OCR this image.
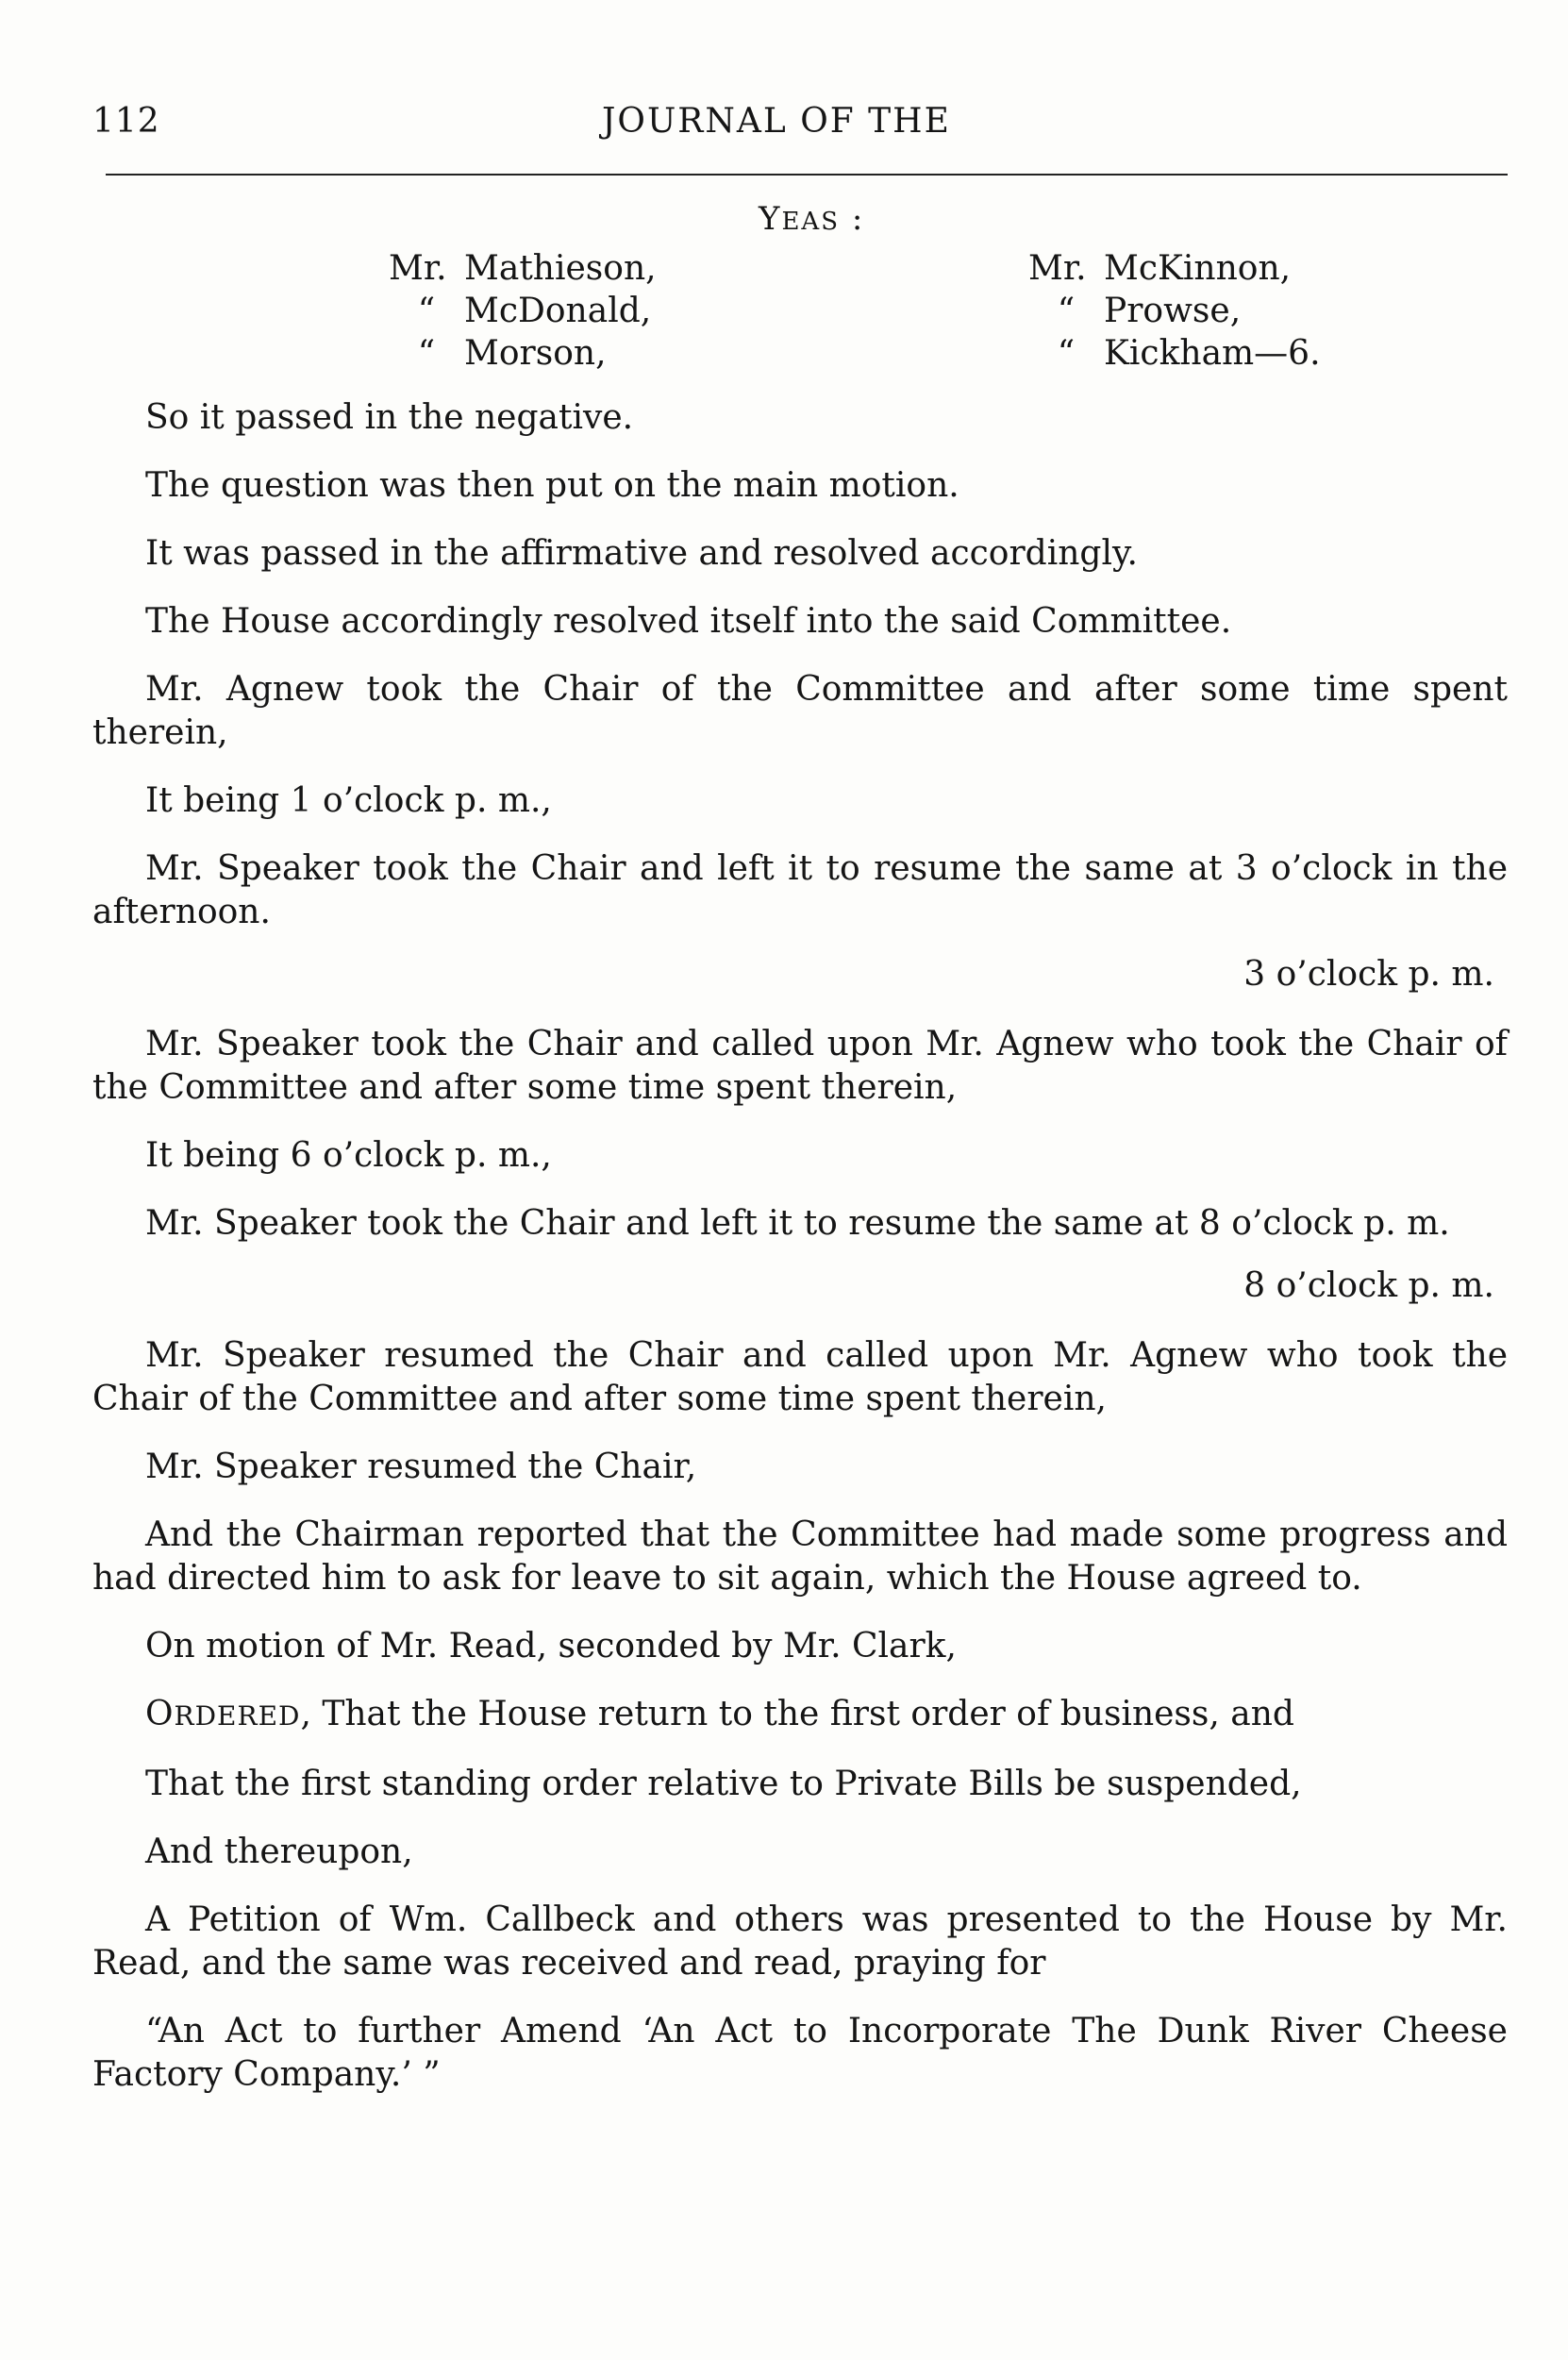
112	JOURNAL OF THE
YEAS :
Mr. Mathieson,
“ McDonald,
“ Morson,
Mr. McKinnon,
“ Prowse,
“ Kickham—6.

So it passed in the negative.

The question was then put on the main motion.

It was passed in the affirmative and resolved accordingly.

The House accordingly resolved itself into the said Committee.

Mr. Agnew took the Chair of the Committee and after some time spent therein,

It being 1 o’clock p. m.,

Mr. Speaker took the Chair and left it to resume the same at 3 o’clock in the afternoon.

3 o’clock p. m.

Mr. Speaker took the Chair and called upon Mr. Agnew who took the Chair of the Committee and after some time spent therein,

It being 6 o’clock p. m.,

Mr. Speaker took the Chair and left it to resume the same at 8 o’clock p. m.

8 o’clock p. m.

Mr. Speaker resumed the Chair and called upon Mr. Agnew who took the Chair of the Committee and after some time spent therein,

Mr. Speaker resumed the Chair,

And the Chairman reported that the Committee had made some progress and had directed him to ask for leave to sit again, which the House agreed to.

On motion of Mr. Read, seconded by Mr. Clark,

ORDERED, That the House return to the first order of business, and

That the first standing order relative to Private Bills be suspended,

And thereupon,

A Petition of Wm. Callbeck and others was presented to the House by Mr. Read, and the same was received and read, praying for

“An Act to further Amend ‘An Act to Incorporate The Dunk River Cheese Factory Company.’ ”
